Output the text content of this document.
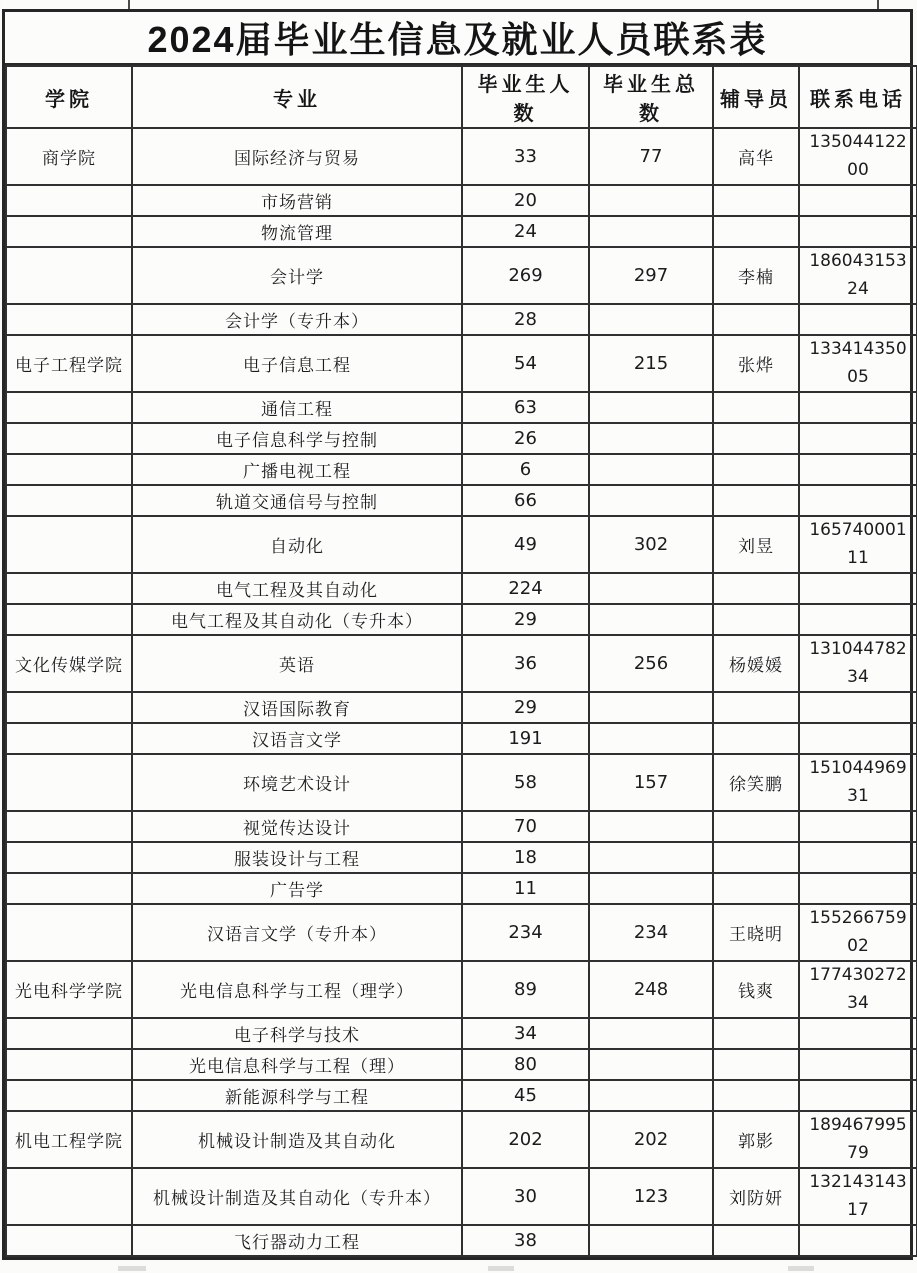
2024届毕业生信息及就业人员联系表
学院	专业	毕业生人数	毕业生总数	辅导员	联系电话
商学院	国际经济与贸易	33	77	高华	13504412200
	市场营销	20			
	物流管理	24			
	会计学	269	297	李楠	18604315324
	会计学（专升本）	28			
电子工程学院	电子信息工程	54	215	张烨	13341435005
	通信工程	63			
	电子信息科学与控制	26			
	广播电视工程	6			
	轨道交通信号与控制	66			
	自动化	49	302	刘昱	16574000111
	电气工程及其自动化	224			
	电气工程及其自动化（专升本）	29			
文化传媒学院	英语	36	256	杨媛媛	13104478234
	汉语国际教育	29			
	汉语言文学	191			
	环境艺术设计	58	157	徐笑鹏	15104496931
	视觉传达设计	70			
	服装设计与工程	18			
	广告学	11			
	汉语言文学（专升本）	234	234	王晓明	15526675902
光电科学学院	光电信息科学与工程（理学）	89	248	钱爽	17743027234
	电子科学与技术	34			
	光电信息科学与工程（理）	80			
	新能源科学与工程	45			
机电工程学院	机械设计制造及其自动化	202	202	郭影	18946799579
	机械设计制造及其自动化（专升本）	30	123	刘防妍	13214314317
	飞行器动力工程	38			
